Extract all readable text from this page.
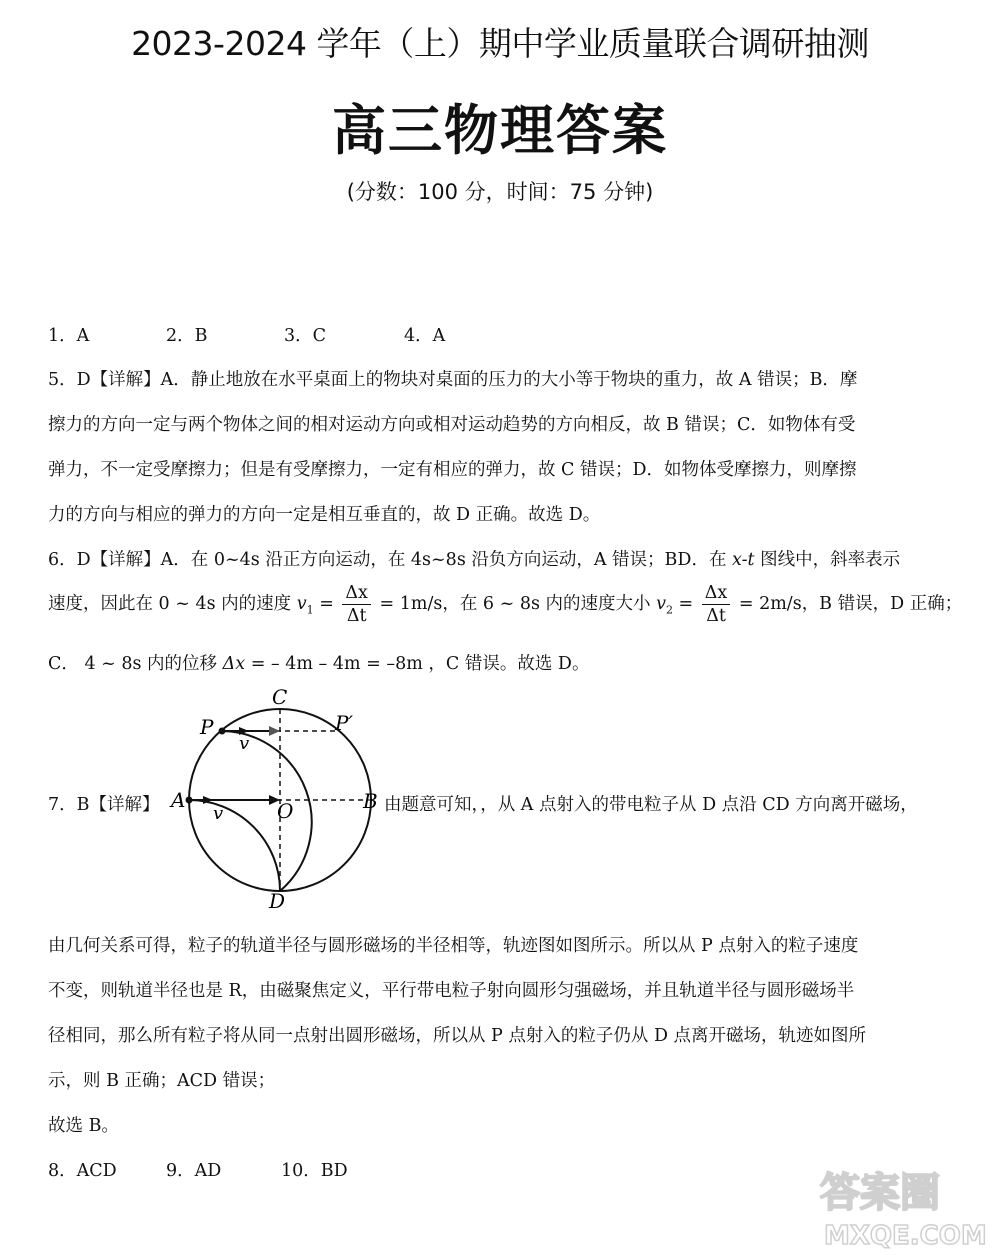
2023-2024 学年（上）期中学业质量联合调研抽测
高三物理答案
(分数：100 分，时间：75 分钟)
1．A	2．B	3．C	4．A
5．D【详解】A．静止地放在水平桌面上的物块对桌面的压力的大小等于物块的重力，故 A 错误；B．摩
擦力的方向一定与两个物体之间的相对运动方向或相对运动趋势的方向相反，故 B 错误；C．如物体有受
弹力，不一定受摩擦力；但是有受摩擦力，一定有相应的弹力，故 C 错误；D．如物体受摩擦力，则摩擦
力的方向与相应的弹力的方向一定是相互垂直的，故 D 正确。故选 D。
6．D【详解】A．在 0~4s 沿正方向运动，在 4s~8s 沿负方向运动，A 错误；BD．在 x-t 图线中，斜率表示
速度，因此在 0 ~ 4s 内的速度 $v_1 = \frac{\Delta x}{\Delta t} = 1m/s$，在 6 ~ 8s 内的速度大小 $v_2 = \frac{\Delta x}{\Delta t} = 2m/s$，B 错误，D 正确；
C． 4 ~ 8s 内的位移 Δx = – 4m – 4m = –8m ，C 错误。故选 D。
7．B【详解】
C
P	P′
A	B
O
D
v
v	由题意可知，，从 A 点射入的带电粒子从 D 点沿 CD 方向离开磁场，
由几何关系可得，粒子的轨道半径与圆形磁场的半径相等，轨迹图如图所示。所以从 P 点射入的粒子速度
不变，则轨道半径也是 R，由磁聚焦定义，平行带电粒子射向圆形匀强磁场，并且轨道半径与圆形磁场半
径相同，那么所有粒子将从同一点射出圆形磁场，所以从 P 点射入的粒子仍从 D 点离开磁场，轨迹如图所
示，则 B 正确；ACD 错误；
故选 B。
8．ACD	9．AD	10．BD	答案圈
MXQE.COM
